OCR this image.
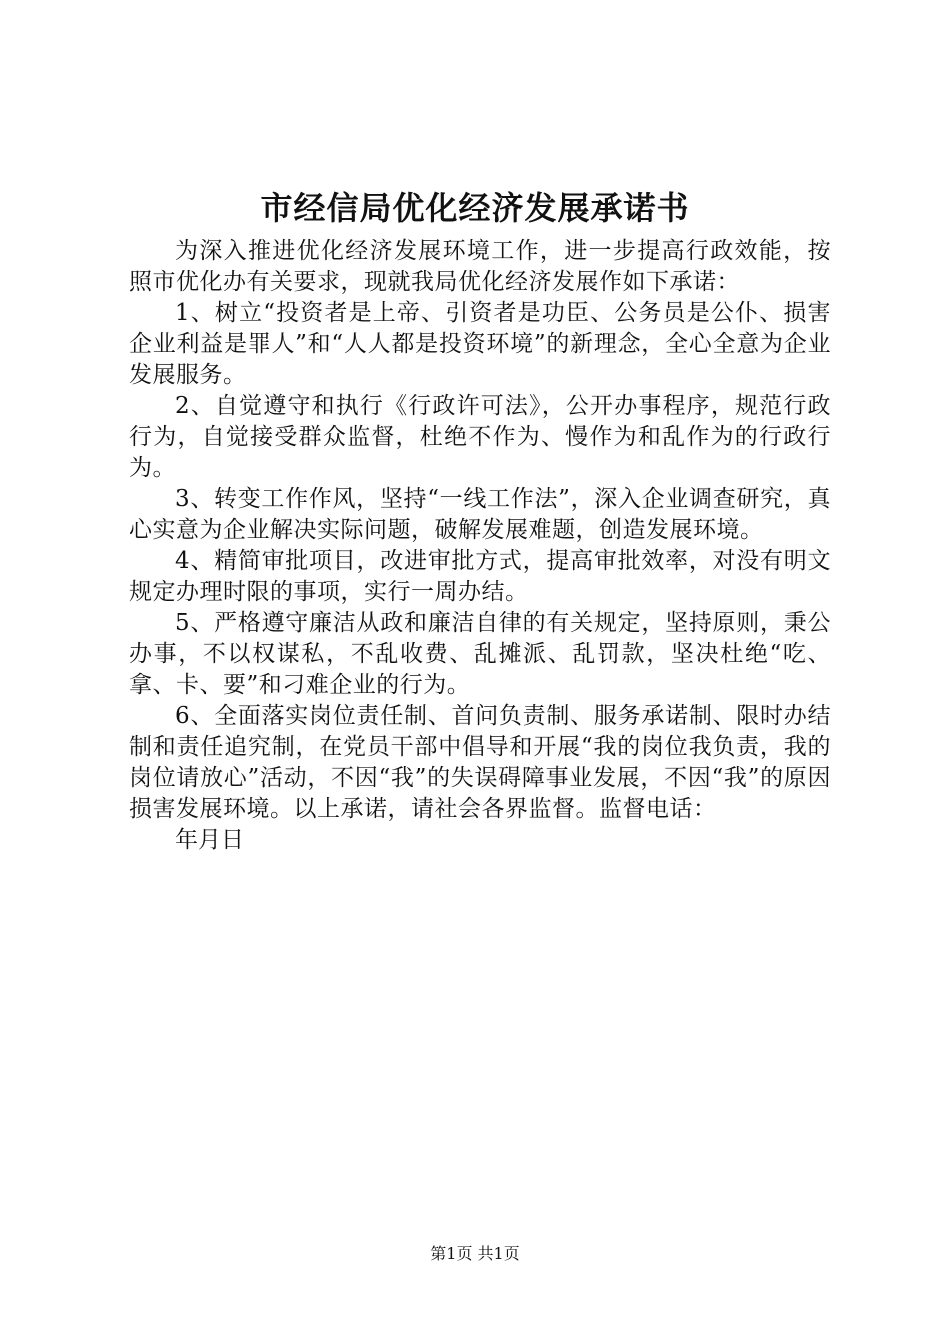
市经信局优化经济发展承诺书

为深入推进优化经济发展环境工作，进一步提高行政效能，按照市优化办有关要求，现就我局优化经济发展作如下承诺：

1、树立“投资者是上帝、引资者是功臣、公务员是公仆、损害企业利益是罪人”和“人人都是投资环境”的新理念，全心全意为企业发展服务。

2、自觉遵守和执行《行政许可法》，公开办事程序，规范行政行为，自觉接受群众监督，杜绝不作为、慢作为和乱作为的行政行为。

3、转变工作作风，坚持“一线工作法”，深入企业调查研究，真心实意为企业解决实际问题，破解发展难题，创造发展环境。

4、精简审批项目，改进审批方式，提高审批效率，对没有明文规定办理时限的事项，实行一周办结。

5、严格遵守廉洁从政和廉洁自律的有关规定，坚持原则，秉公办事，不以权谋私，不乱收费、乱摊派、乱罚款，坚决杜绝“吃、拿、卡、要”和刁难企业的行为。

6、全面落实岗位责任制、首问负责制、服务承诺制、限时办结制和责任追究制，在党员干部中倡导和开展“我的岗位我负责，我的岗位请放心”活动，不因“我”的失误碍障事业发展，不因“我”的原因损害发展环境。以上承诺，请社会各界监督。监督电话：

年月日

第1页 共1页
